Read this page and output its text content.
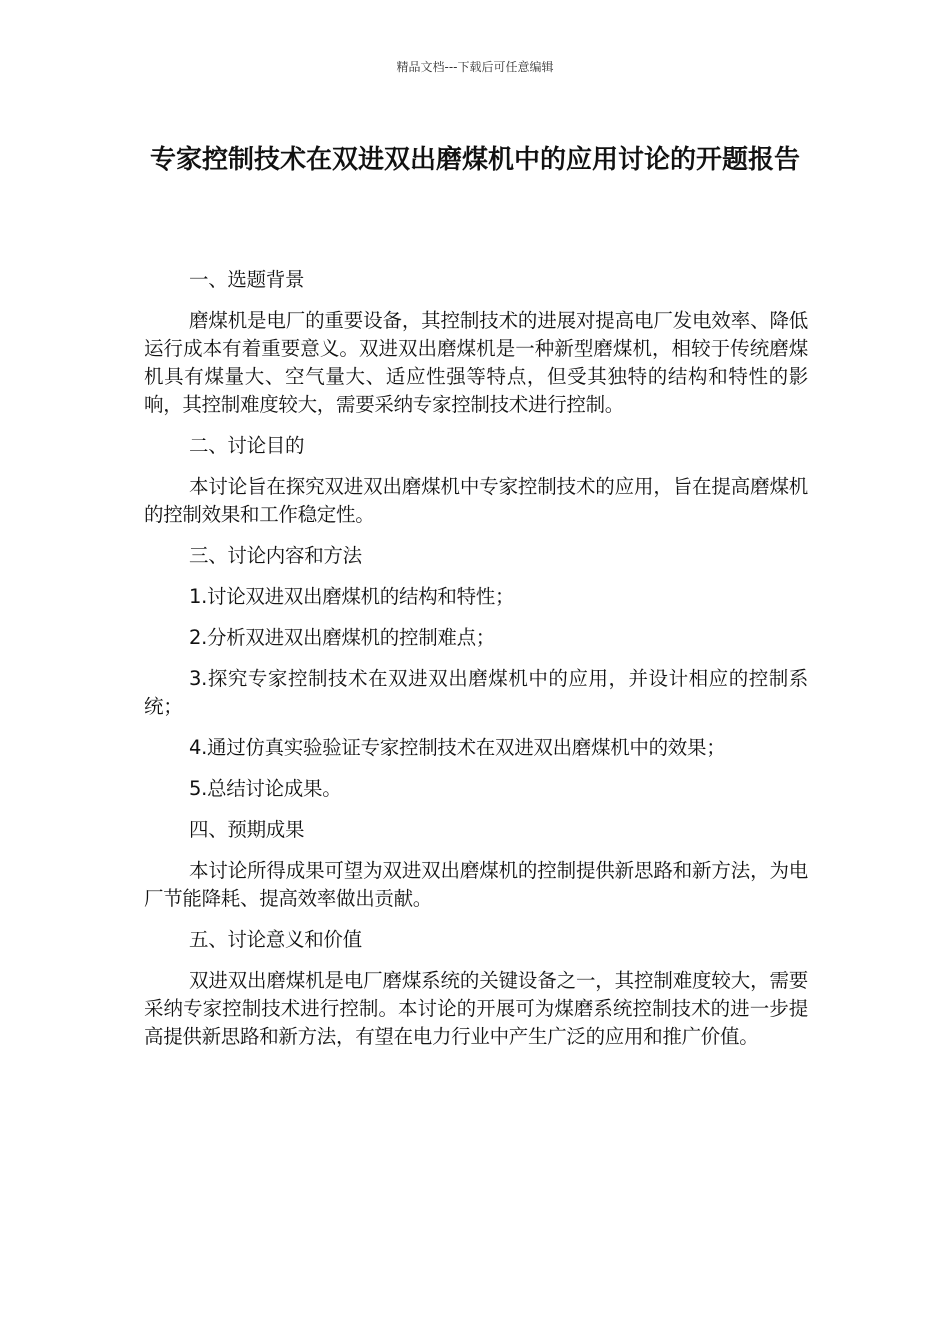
精品文档---下载后可任意编辑
专家控制技术在双进双出磨煤机中的应用讨论的开题报告

一、选题背景

磨煤机是电厂的重要设备，其控制技术的进展对提高电厂发电效率、降低运行成本有着重要意义。双进双出磨煤机是一种新型磨煤机，相较于传统磨煤机具有煤量大、空气量大、适应性强等特点，但受其独特的结构和特性的影响，其控制难度较大，需要采纳专家控制技术进行控制。

二、讨论目的

本讨论旨在探究双进双出磨煤机中专家控制技术的应用，旨在提高磨煤机的控制效果和工作稳定性。

三、讨论内容和方法

1.讨论双进双出磨煤机的结构和特性；

2.分析双进双出磨煤机的控制难点；

3.探究专家控制技术在双进双出磨煤机中的应用，并设计相应的控制系统；

4.通过仿真实验验证专家控制技术在双进双出磨煤机中的效果；

5.总结讨论成果。

四、预期成果

本讨论所得成果可望为双进双出磨煤机的控制提供新思路和新方法，为电厂节能降耗、提高效率做出贡献。

五、讨论意义和价值

双进双出磨煤机是电厂磨煤系统的关键设备之一，其控制难度较大，需要采纳专家控制技术进行控制。本讨论的开展可为煤磨系统控制技术的进一步提高提供新思路和新方法，有望在电力行业中产生广泛的应用和推广价值。
